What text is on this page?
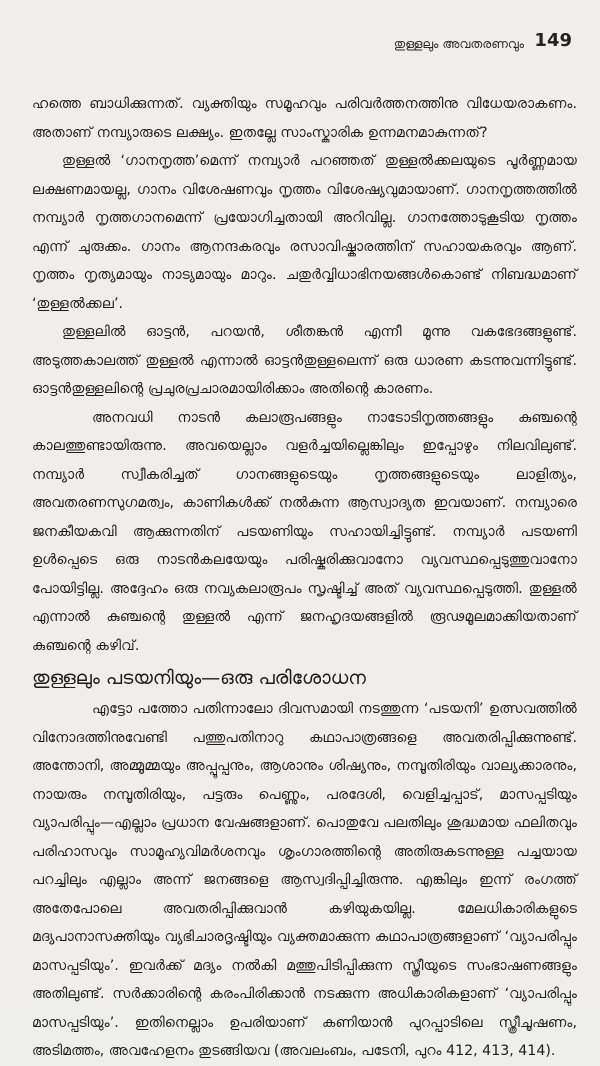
തുള്ളലും അവതരണവും 149

ഹത്തെ ബാധിക്കുന്നത്. വ്യക്തിയും സമൂഹവും പരിവർത്തനത്തിനു വിധേയരാകണം. അതാണ് നമ്പ്യാരുടെ ലക്ഷ്യം. ഇതല്ലേ സാംസ്കാരിക ഉന്നമനമാകുന്നത്?

തുള്ളൽ ‘ഗാനനൃത്ത’മെന്ന് നമ്പ്യാർ പറഞ്ഞത് തുള്ളൽക്കലയുടെ പൂർണ്ണമായ ലക്ഷണമായല്ല, ഗാനം വിശേഷണവും നൃത്തം വിശേഷ്യവുമായാണ്. ഗാനനൃത്തത്തിൽ നമ്പ്യാർ നൃത്തഗാനമെന്ന് പ്രയോഗിച്ചതായി അറിവില്ല. ഗാനത്തോടുകൂടിയ നൃത്തം എന്ന് ചുരുക്കം. ഗാനം ആനന്ദകരവും രസാവിഷ്കാരത്തിന് സഹായകരവും ആണ്. നൃത്തം നൃത്യമായും നാട്യമായും മാറും. ചതുർവ്വിധാഭിനയങ്ങൾകൊണ്ട് നിബദ്ധമാണ് ‘തുള്ളൽക്കല’.

തുള്ളലിൽ ഓട്ടൻ, പറയൻ, ശീതങ്കൻ എന്നീ മൂന്നു വകഭേദങ്ങളുണ്ട്. അടുത്തകാലത്ത് തുള്ളൽ എന്നാൽ ഓട്ടൻതുള്ളലെന്ന് ഒരു ധാരണ കടന്നുവന്നിട്ടുണ്ട്. ഓട്ടൻതുള്ളലിന്റെ പ്രചുരപ്രചാരമായിരിക്കാം അതിന്റെ കാരണം.

അനവധി നാടൻ കലാരൂപങ്ങളും നാടോടിനൃത്തങ്ങളും കുഞ്ചന്റെ കാലത്തുണ്ടായിരുന്നു. അവയെല്ലാം വളർച്ചയില്ലെങ്കിലും ഇപ്പോഴും നിലവിലുണ്ട്. നമ്പ്യാർ സ്വീകരിച്ചത് ഗാനങ്ങളുടെയും നൃത്തങ്ങളുടെയും ലാളിത്യം, അവതരണസുഗമത്വം, കാണികൾക്ക് നൽകുന്ന ആസ്വാദ്യത ഇവയാണ്. നമ്പ്യാരെ ജനകീയകവി ആക്കുന്നതിന് പടയണിയും സഹായിച്ചിട്ടുണ്ട്. നമ്പ്യാർ പടയണി ഉൾപ്പെടെ ഒരു നാടൻകലയേയും പരിഷ്കരിക്കുവാനോ വ്യവസ്ഥപ്പെടുത്തുവാനോ പോയിട്ടില്ല. അദ്ദേഹം ഒരു നവ്യകലാരൂപം സൃഷ്ടിച്ച് അത് വ്യവസ്ഥപ്പെടുത്തി. തുള്ളൽ എന്നാൽ കുഞ്ചന്റെ തുള്ളൽ എന്ന് ജനഹൃദയങ്ങളിൽ രൂഢമൂലമാക്കിയതാണ് കുഞ്ചന്റെ കഴിവ്.

തുള്ളലും പടയനിയും—ഒരു പരിശോധന

എട്ടോ പത്തോ പതിന്നാലോ ദിവസമായി നടത്തുന്ന ‘പടയനി’ ഉത്സവത്തിൽ വിനോദത്തിനുവേണ്ടി പത്തുപതിനാറു കഥാപാത്രങ്ങളെ അവതരിപ്പിക്കുന്നുണ്ട്. അന്തോനി, അമ്മൂമ്മയും അപ്പൂപ്പനും, ആശാനും ശിഷ്യനും, നമ്പൂതിരിയും വാല്യക്കാരനും, നായരും നമ്പൂതിരിയും, പട്ടരും പെണ്ണും, പരദേശി, വെളിച്ചപ്പാട്, മാസപ്പടിയും വ്യാപരിപ്പും—എല്ലാം പ്രധാന വേഷങ്ങളാണ്. പൊതുവേ പലതിലും ശുദ്ധമായ ഫലിതവും പരിഹാസവും സാമൂഹ്യവിമർശനവും ശൃംഗാരത്തിന്റെ അതിരുകടന്നുള്ള പച്ചയായ പറച്ചിലും എല്ലാം അന്ന് ജനങ്ങളെ ആസ്വദിപ്പിച്ചിരുന്നു. എങ്കിലും ഇന്ന് രംഗത്ത് അതേപോലെ അവതരിപ്പിക്കുവാൻ കഴിയുകയില്ല. മേലധികാരികളുടെ മദ്യപാനാസക്തിയും വ്യഭിചാരദൃഷ്ടിയും വ്യക്തമാക്കുന്ന കഥാപാത്രങ്ങളാണ് ‘വ്യാപരിപ്പും മാസപ്പടിയും’. ഇവർക്ക് മദ്യം നൽകി മത്തുപിടിപ്പിക്കുന്ന സ്ത്രീയുടെ സംഭാഷണങ്ങളും അതിലുണ്ട്. സർക്കാരിന്റെ കരംപിരിക്കാൻ നടക്കുന്ന അധികാരികളാണ് ‘വ്യാപരിപ്പും മാസപ്പടിയും’. ഇതിനെല്ലാം ഉപരിയാണ് കണിയാൻ പുറപ്പാടിലെ സ്ത്രീചൂഷണം, അടിമത്തം, അവഹേളനം തുടങ്ങിയവ (അവലംബം, പടേനി, പുറം 412, 413, 414).
